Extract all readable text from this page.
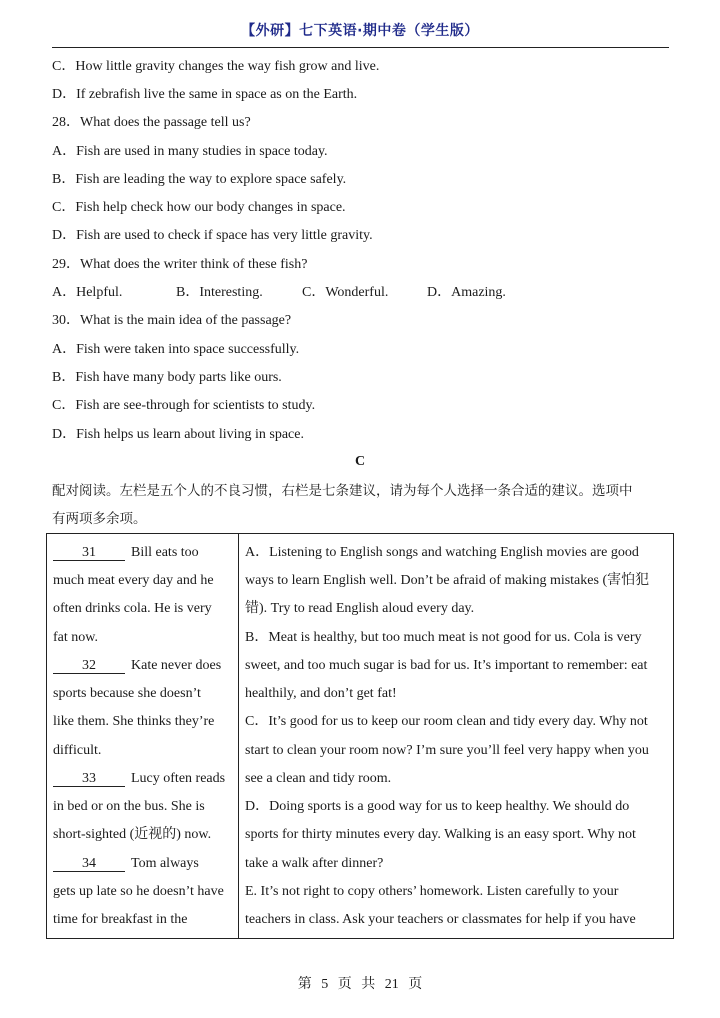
【外研】七下英语·期中卷（学生版）
C．How little gravity changes the way fish grow and live.
D．If zebrafish live the same in space as on the Earth.
28．What does the passage tell us?
A．Fish are used in many studies in space today.
B．Fish are leading the way to explore space safely.
C．Fish help check how our body changes in space.
D．Fish are used to check if space has very little gravity.
29．What does the writer think of these fish?
A．Helpful.	B．Interesting.	C．Wonderful.	D．Amazing.
30．What is the main idea of the passage?
A．Fish were taken into space successfully.
B．Fish have many body parts like ours.
C．Fish are see-through for scientists to study.
D．Fish helps us learn about living in space.
C
配对阅读。左栏是五个人的不良习惯，右栏是七条建议，请为每个人选择一条合适的建议。选项中
有两项多余项。
31	Bill eats too
much meat every day and he
often drinks cola. He is very
fat now.
32	Kate never does
sports because she doesn’t
like them. She thinks they’re
difficult.
33	Lucy often reads
in bed or on the bus. She is
short-sighted (近视的) now.
34	Tom always
gets up late so he doesn’t have
time for breakfast in the
A．Listening to English songs and watching English movies are good
ways to learn English well. Don’t be afraid of making mistakes (害怕犯
错). Try to read English aloud every day.
B．Meat is healthy, but too much meat is not good for us. Cola is very
sweet, and too much sugar is bad for us. It’s important to remember: eat
healthily, and don’t get fat!
C．It’s good for us to keep our room clean and tidy every day. Why not
start to clean your room now? I’m sure you’ll feel very happy when you
see a clean and tidy room.
D．Doing sports is a good way for us to keep healthy. We should do
sports for thirty minutes every day. Walking is an easy sport. Why not
take a walk after dinner?
E. It’s not right to copy others’ homework. Listen carefully to your
teachers in class. Ask your teachers or classmates for help if you have
第 5 页 共 21 页
